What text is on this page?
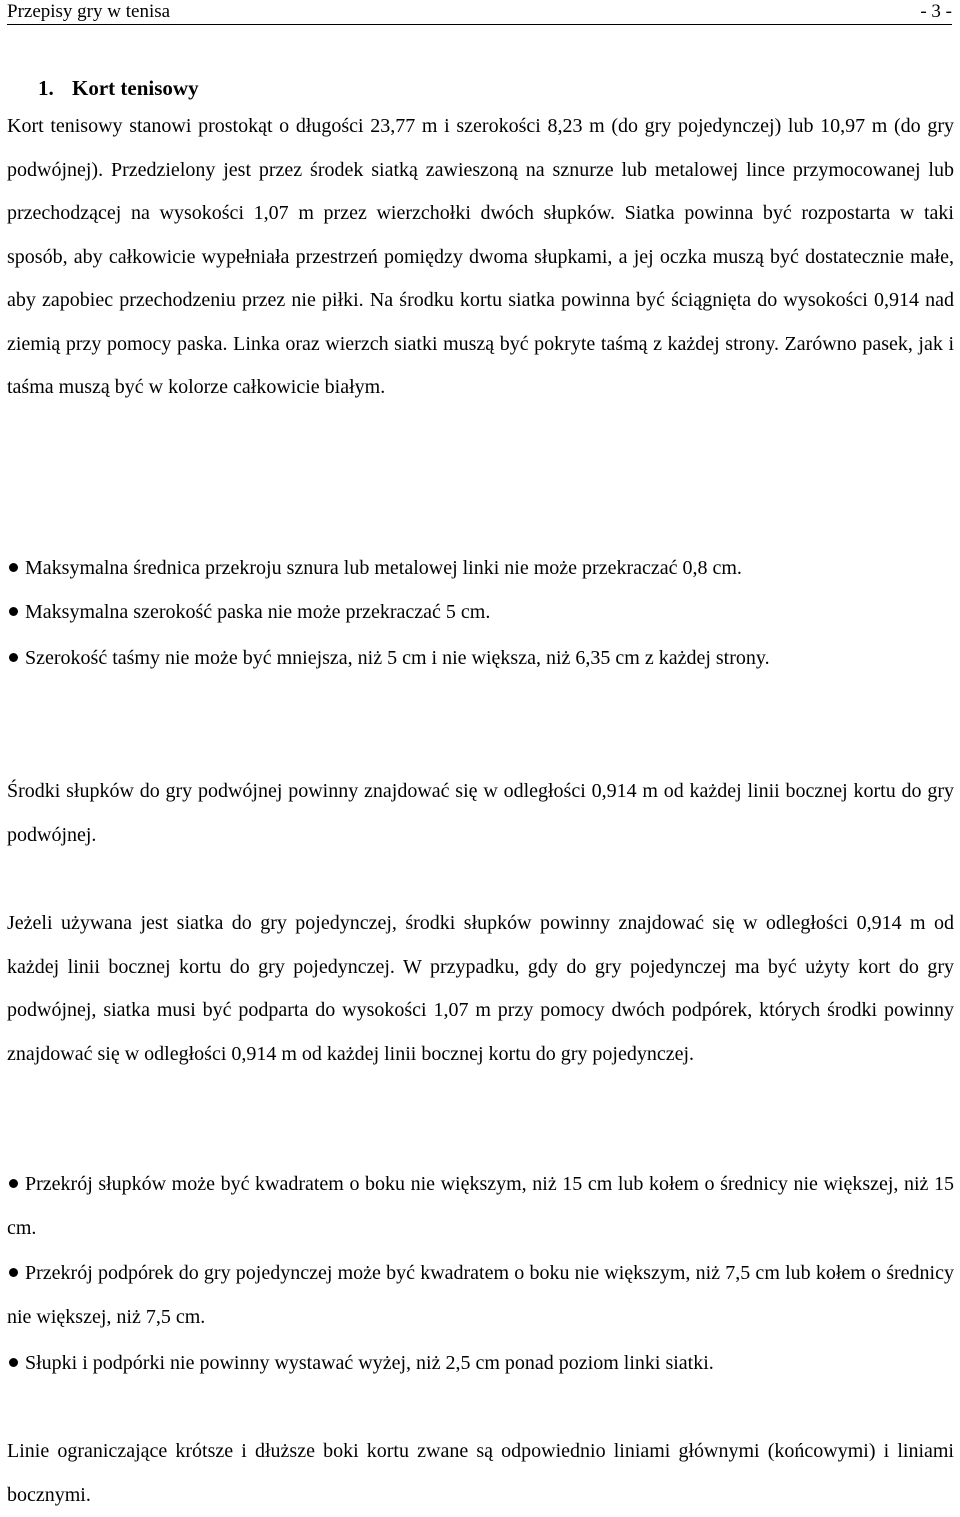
Przepisy gry w tenisa	- 3 -
1. Kort tenisowy

Kort tenisowy stanowi prostokąt o długości 23,77 m i szerokości 8,23 m (do gry pojedynczej) lub 10,97 m (do gry podwójnej). Przedzielony jest przez środek siatką zawieszoną na sznurze lub metalowej lince przymocowanej lub przechodzącej na wysokości 1,07 m przez wierzchołki dwóch słupków. Siatka powinna być rozpostarta w taki sposób, aby całkowicie wypełniała przestrzeń pomiędzy dwoma słupkami, a jej oczka muszą być dostatecznie małe, aby zapobiec przechodzeniu przez nie piłki. Na środku kortu siatka powinna być ściągnięta do wysokości 0,914 nad ziemią przy pomocy paska. Linka oraz wierzch siatki muszą być pokryte taśmą z każdej strony. Zarówno pasek, jak i taśma muszą być w kolorze całkowicie białym.

Maksymalna średnica przekroju sznura lub metalowej linki nie może przekraczać 0,8 cm.

Maksymalna szerokość paska nie może przekraczać 5 cm.

Szerokość taśmy nie może być mniejsza, niż 5 cm i nie większa, niż 6,35 cm z każdej strony.

Środki słupków do gry podwójnej powinny znajdować się w odległości 0,914 m od każdej linii bocznej kortu do gry podwójnej.

Jeżeli używana jest siatka do gry pojedynczej, środki słupków powinny znajdować się w odległości 0,914 m od każdej linii bocznej kortu do gry pojedynczej. W przypadku, gdy do gry pojedynczej ma być użyty kort do gry podwójnej, siatka musi być podparta do wysokości 1,07 m przy pomocy dwóch podpórek, których środki powinny znajdować się w odległości 0,914 m od każdej linii bocznej kortu do gry pojedynczej.

Przekrój słupków może być kwadratem o boku nie większym, niż 15 cm lub kołem o średnicy nie większej, niż 15 cm.

Przekrój podpórek do gry pojedynczej może być kwadratem o boku nie większym, niż 7,5 cm lub kołem o średnicy nie większej, niż 7,5 cm.

Słupki i podpórki nie powinny wystawać wyżej, niż 2,5 cm ponad poziom linki siatki.

Linie ograniczające krótsze i dłuższe boki kortu zwane są odpowiednio liniami głównymi (końcowymi) i liniami bocznymi.
